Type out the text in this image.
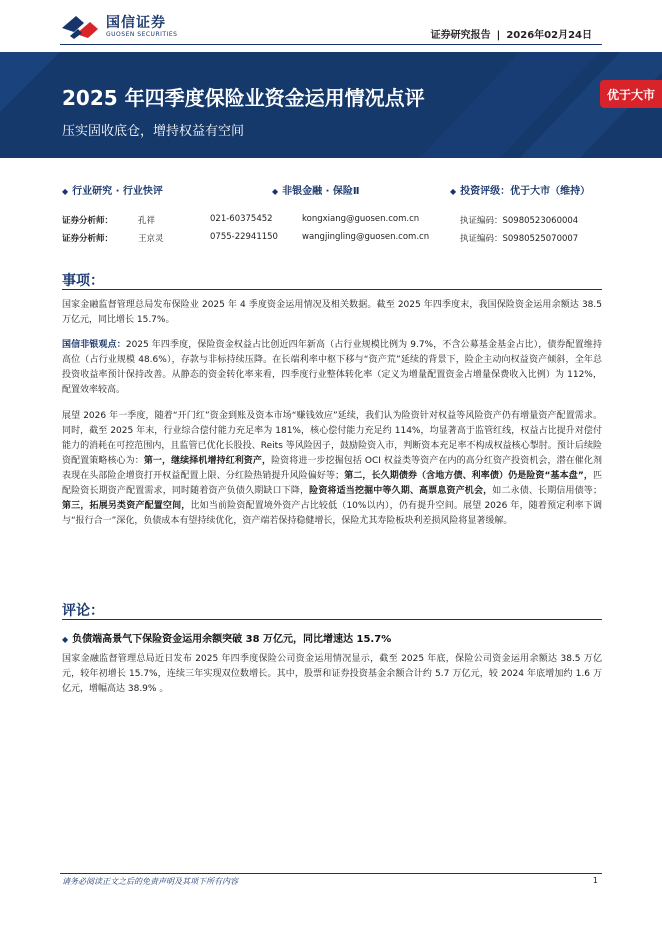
国信证券
GUOSEN SECURITIES	证券研究报告 | 2026年02月24日
2025 年四季度保险业资金运用情况点评
压实固收底仓，增持权益有空间
优于大市
◆ 行业研究 · 行业快评	◆ 非银金融 · 保险Ⅱ	◆ 投资评级：优于大市（维持）
证券分析师：	孔祥	021-60375452	kongxiang@guosen.com.cn	执证编码：S0980523060004
证券分析师：	王京灵	0755-22941150	wangjingling@guosen.com.cn	执证编码：S0980525070007
事项：
国家金融监督管理总局发布保险业 2025 年 4 季度资金运用情况及相关数据。截至 2025 年四季度末，我国保险资金运用余额达 38.5 万亿元，同比增长 15.7%。
国信非银观点：2025 年四季度，保险资金权益占比创近四年新高（占行业规模比例为 9.7%，不含公募基金基金占比），债券配置维持高位（占行业规模 48.6%），存款与非标持续压降。在长端利率中枢下移与“资产荒”延续的背景下，险企主动向权益资产倾斜，全年总投资收益率预计保持改善。从静态的资金转化率来看，四季度行业整体转化率（定义为增量配置资金占增量保费收入比例）为 112%，配置效率较高。
展望 2026 年一季度，随着“开门红”资金到账及资本市场“赚钱效应”延续，我们认为险资针对权益等风险资产仍有增量资产配置需求。同时，截至 2025 年末，行业综合偿付能力充足率为 181%，核心偿付能力充足约 114%，均显著高于监管红线，权益占比提升对偿付能力的消耗在可控范围内，且监管已优化长股投、Reits 等风险因子，鼓励险资入市，判断资本充足率不构成权益核心掣肘。预计后续险资配置策略核心为：第一，继续择机增持红利资产，险资将进一步挖掘包括 OCI 权益类等资产在内的高分红资产投资机会，潜在催化剂表现在头部险企增资打开权益配置上限、分红险热销提升风险偏好等；第二，长久期债券（含地方债、利率债）仍是险资“基本盘”，匹配险资长期资产配置需求，同时随着资产负债久期缺口下降，险资将适当挖掘中等久期、高票息资产机会，如二永债、长期信用债等；第三，拓展另类资产配置空间，比如当前险资配置境外资产占比较低（10%以内），仍有提升空间。展望 2026 年，随着预定利率下调与“报行合一”深化，负债成本有望持续优化，资产端若保持稳健增长，保险尤其寿险板块利差损风险将显著缓解。
评论：
◆ 负债端高景气下保险资金运用余额突破 38 万亿元，同比增速达 15.7%
国家金融监督管理总局近日发布 2025 年四季度保险公司资金运用情况显示，截至 2025 年底，保险公司资金运用余额达 38.5 万亿元，较年初增长 15.7%，连续三年实现双位数增长。其中，股票和证券投资基金余额合计约 5.7 万亿元，较 2024 年底增加约 1.6 万亿元，增幅高达 38.9% 。
请务必阅读正文之后的免责声明及其项下所有内容	1
